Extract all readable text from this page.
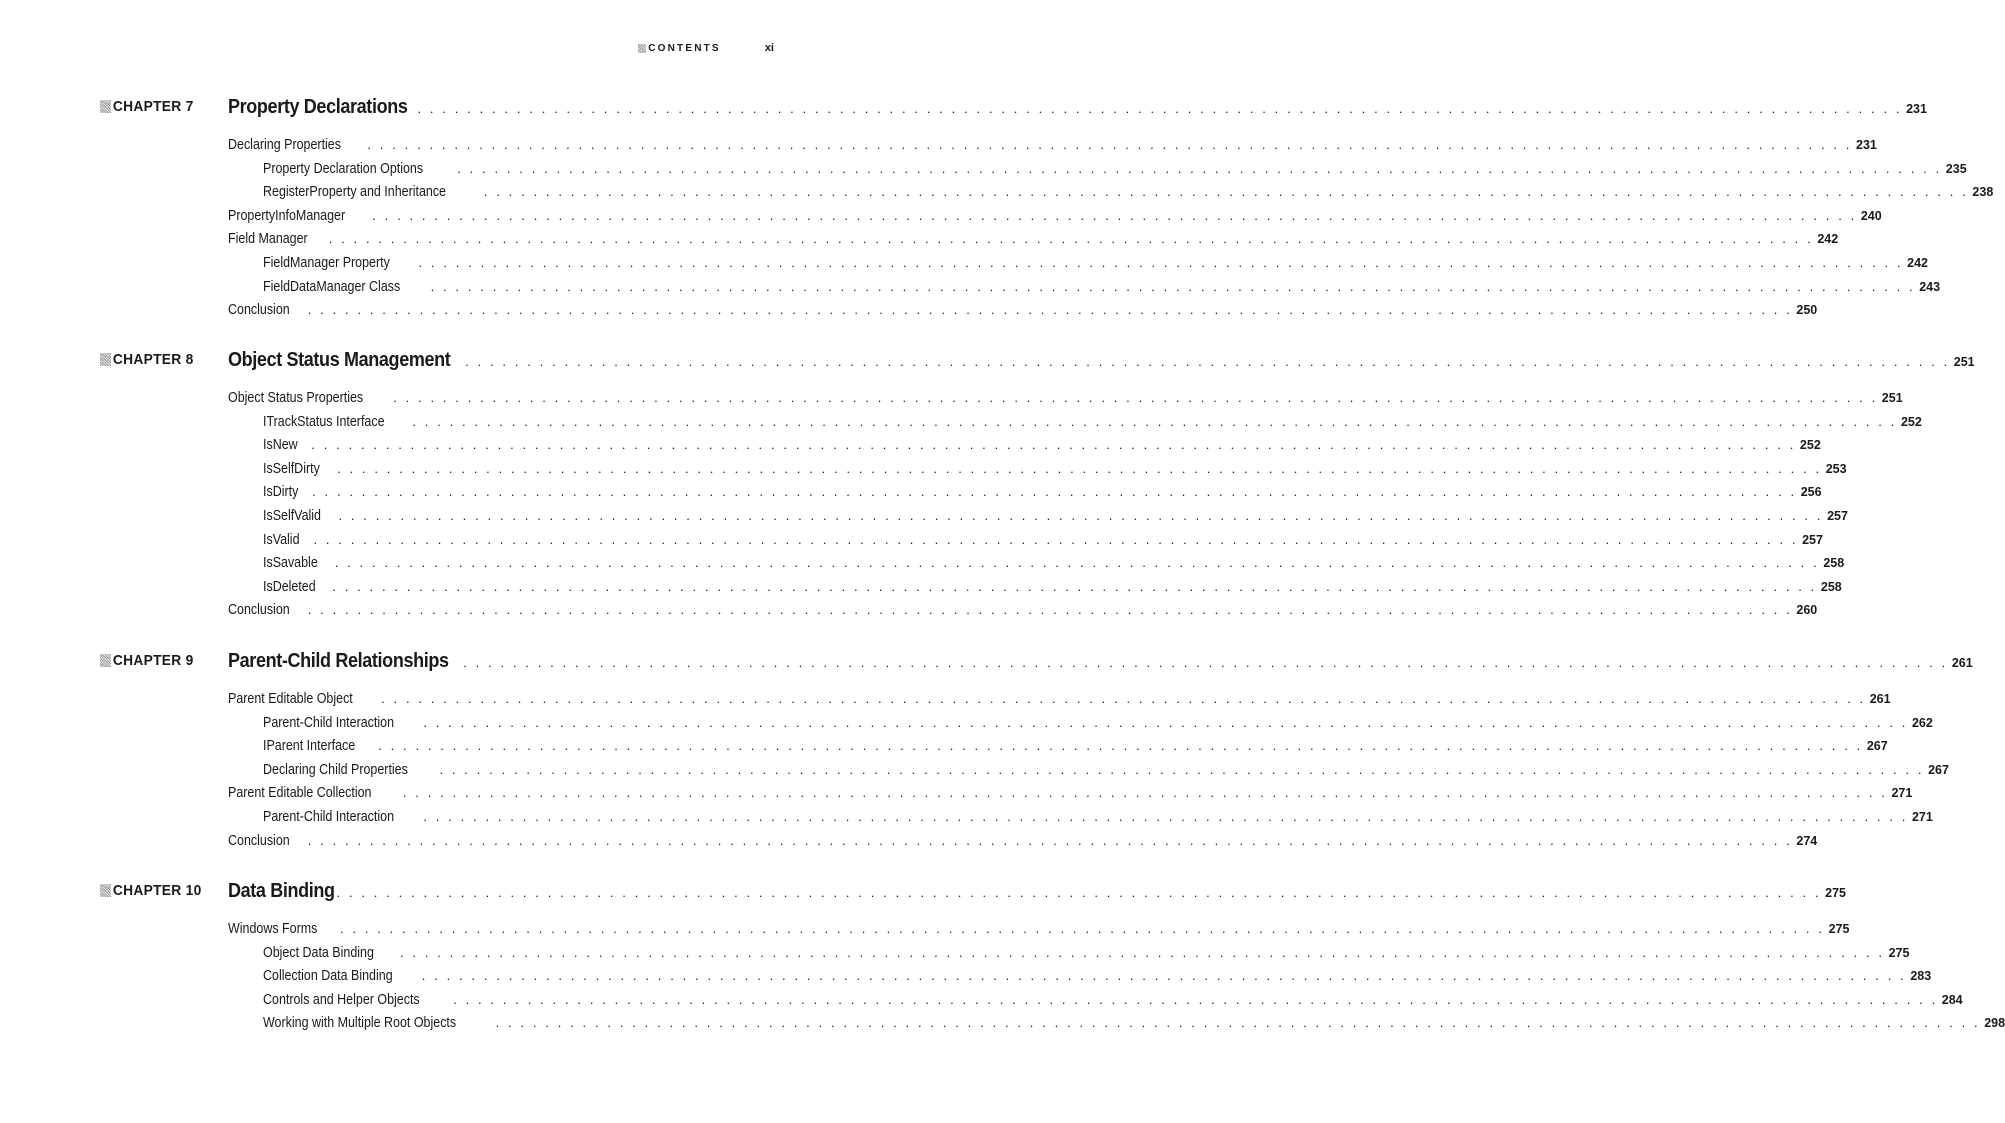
CONTENTS	xi
CHAPTER 7 Property Declarations . . . . . . . . . . . . . . . . . . . . . . . . . . . . . . . . . . . . . . . . . . . . . . . . . . . . . . . . . . . . . . . . . . . . . . . . . . . . . . . . . . . . . . . . . . . . . . . . . . . . . . . . . . . . . . . . . . . . . . . . 231
Declaring Properties . . . . . . . . . . . . . . . . . . . . . . . . . . . . . . . . . . . . . . . . . . . . . . . . . . . . . . . . . . . . . . . . . . . . . . . . . . . . . . . . . . . . . . . . . . . . . . . . . . . . . . . . . . . . . . . . . . . . . . . . 231
Property Declaration Options	. . . . . . . . . . . . . . . . . . . . . . . . . . . . . . . . . . . . . . . . . . . . . . . . . . . . . . . . . . . . . . . . . . . . . . . . . . . . . . . . . . . . . . . . . . . . . . . . . . . . . . . . . . . . . . . . . . . . . . . . 235
RegisterProperty and Inheritance	. . . . . . . . . . . . . . . . . . . . . . . . . . . . . . . . . . . . . . . . . . . . . . . . . . . . . . . . . . . . . . . . . . . . . . . . . . . . . . . . . . . . . . . . . . . . . . . . . . . . . . . . . . . . . . . . . . . . . . . . 238
PropertyInfoManager . . . . . . . . . . . . . . . . . . . . . . . . . . . . . . . . . . . . . . . . . . . . . . . . . . . . . . . . . . . . . . . . . . . . . . . . . . . . . . . . . . . . . . . . . . . . . . . . . . . . . . . . . . . . . . . . . . . . . . . . 240
Field Manager . . . . . . . . . . . . . . . . . . . . . . . . . . . . . . . . . . . . . . . . . . . . . . . . . . . . . . . . . . . . . . . . . . . . . . . . . . . . . . . . . . . . . . . . . . . . . . . . . . . . . . . . . . . . . . . . . . . . . . . . 242
FieldManager Property . . . . . . . . . . . . . . . . . . . . . . . . . . . . . . . . . . . . . . . . . . . . . . . . . . . . . . . . . . . . . . . . . . . . . . . . . . . . . . . . . . . . . . . . . . . . . . . . . . . . . . . . . . . . . . . . . . . . . . . . 242
FieldDataManager Class . . . . . . . . . . . . . . . . . . . . . . . . . . . . . . . . . . . . . . . . . . . . . . . . . . . . . . . . . . . . . . . . . . . . . . . . . . . . . . . . . . . . . . . . . . . . . . . . . . . . . . . . . . . . . . . . . . . . . . . . 243
Conclusion . . . . . . . . . . . . . . . . . . . . . . . . . . . . . . . . . . . . . . . . . . . . . . . . . . . . . . . . . . . . . . . . . . . . . . . . . . . . . . . . . . . . . . . . . . . . . . . . . . . . . . . . . . . . . . . . . . . . . . . . 250
CHAPTER 8 Object Status Management . . . . . . . . . . . . . . . . . . . . . . . . . . . . . . . . . . . . . . . . . . . . . . . . . . . . . . . . . . . . . . . . . . . . . . . . . . . . . . . . . . . . . . . . . . . . . . . . . . . . . . . . . . . . . . . . . . . . . . . . 251
Object Status Properties . . . . . . . . . . . . . . . . . . . . . . . . . . . . . . . . . . . . . . . . . . . . . . . . . . . . . . . . . . . . . . . . . . . . . . . . . . . . . . . . . . . . . . . . . . . . . . . . . . . . . . . . . . . . . . . . . . . . . . . . 251
ITrackStatus Interface . . . . . . . . . . . . . . . . . . . . . . . . . . . . . . . . . . . . . . . . . . . . . . . . . . . . . . . . . . . . . . . . . . . . . . . . . . . . . . . . . . . . . . . . . . . . . . . . . . . . . . . . . . . . . . . . . . . . . . . . 252
IsNew . . . . . . . . . . . . . . . . . . . . . . . . . . . . . . . . . . . . . . . . . . . . . . . . . . . . . . . . . . . . . . . . . . . . . . . . . . . . . . . . . . . . . . . . . . . . . . . . . . . . . . . . . . . . . . . . . . . . . . . . 252
IsSelfDirty . . . . . . . . . . . . . . . . . . . . . . . . . . . . . . . . . . . . . . . . . . . . . . . . . . . . . . . . . . . . . . . . . . . . . . . . . . . . . . . . . . . . . . . . . . . . . . . . . . . . . . . . . . . . . . . . . . . . . . . . 253
IsDirty . . . . . . . . . . . . . . . . . . . . . . . . . . . . . . . . . . . . . . . . . . . . . . . . . . . . . . . . . . . . . . . . . . . . . . . . . . . . . . . . . . . . . . . . . . . . . . . . . . . . . . . . . . . . . . . . . . . . . . . . 256
IsSelfValid . . . . . . . . . . . . . . . . . . . . . . . . . . . . . . . . . . . . . . . . . . . . . . . . . . . . . . . . . . . . . . . . . . . . . . . . . . . . . . . . . . . . . . . . . . . . . . . . . . . . . . . . . . . . . . . . . . . . . . . . 257
IsValid . . . . . . . . . . . . . . . . . . . . . . . . . . . . . . . . . . . . . . . . . . . . . . . . . . . . . . . . . . . . . . . . . . . . . . . . . . . . . . . . . . . . . . . . . . . . . . . . . . . . . . . . . . . . . . . . . . . . . . . . 257
IsSavable . . . . . . . . . . . . . . . . . . . . . . . . . . . . . . . . . . . . . . . . . . . . . . . . . . . . . . . . . . . . . . . . . . . . . . . . . . . . . . . . . . . . . . . . . . . . . . . . . . . . . . . . . . . . . . . . . . . . . . . . 258
IsDeleted . . . . . . . . . . . . . . . . . . . . . . . . . . . . . . . . . . . . . . . . . . . . . . . . . . . . . . . . . . . . . . . . . . . . . . . . . . . . . . . . . . . . . . . . . . . . . . . . . . . . . . . . . . . . . . . . . . . . . . . . 258
Conclusion . . . . . . . . . . . . . . . . . . . . . . . . . . . . . . . . . . . . . . . . . . . . . . . . . . . . . . . . . . . . . . . . . . . . . . . . . . . . . . . . . . . . . . . . . . . . . . . . . . . . . . . . . . . . . . . . . . . . . . . . 260
CHAPTER 9 Parent-Child Relationships . . . . . . . . . . . . . . . . . . . . . . . . . . . . . . . . . . . . . . . . . . . . . . . . . . . . . . . . . . . . . . . . . . . . . . . . . . . . . . . . . . . . . . . . . . . . . . . . . . . . . . . . . . . . . . . . . . . . . . . . 261
Parent Editable Object . . . . . . . . . . . . . . . . . . . . . . . . . . . . . . . . . . . . . . . . . . . . . . . . . . . . . . . . . . . . . . . . . . . . . . . . . . . . . . . . . . . . . . . . . . . . . . . . . . . . . . . . . . . . . . . . . . . . . . . . 261
Parent-Child Interaction . . . . . . . . . . . . . . . . . . . . . . . . . . . . . . . . . . . . . . . . . . . . . . . . . . . . . . . . . . . . . . . . . . . . . . . . . . . . . . . . . . . . . . . . . . . . . . . . . . . . . . . . . . . . . . . . . . . . . . . . 262
IParent Interface . . . . . . . . . . . . . . . . . . . . . . . . . . . . . . . . . . . . . . . . . . . . . . . . . . . . . . . . . . . . . . . . . . . . . . . . . . . . . . . . . . . . . . . . . . . . . . . . . . . . . . . . . . . . . . . . . . . . . . . . 267
Declaring Child Properties . . . . . . . . . . . . . . . . . . . . . . . . . . . . . . . . . . . . . . . . . . . . . . . . . . . . . . . . . . . . . . . . . . . . . . . . . . . . . . . . . . . . . . . . . . . . . . . . . . . . . . . . . . . . . . . . . . . . . . . . 267
Parent Editable Collection . . . . . . . . . . . . . . . . . . . . . . . . . . . . . . . . . . . . . . . . . . . . . . . . . . . . . . . . . . . . . . . . . . . . . . . . . . . . . . . . . . . . . . . . . . . . . . . . . . . . . . . . . . . . . . . . . . . . . . . . 271
Parent-Child Interaction . . . . . . . . . . . . . . . . . . . . . . . . . . . . . . . . . . . . . . . . . . . . . . . . . . . . . . . . . . . . . . . . . . . . . . . . . . . . . . . . . . . . . . . . . . . . . . . . . . . . . . . . . . . . . . . . . . . . . . . . 271
Conclusion . . . . . . . . . . . . . . . . . . . . . . . . . . . . . . . . . . . . . . . . . . . . . . . . . . . . . . . . . . . . . . . . . . . . . . . . . . . . . . . . . . . . . . . . . . . . . . . . . . . . . . . . . . . . . . . . . . . . . . . . 274
CHAPTER 10 Data Binding . . . . . . . . . . . . . . . . . . . . . . . . . . . . . . . . . . . . . . . . . . . . . . . . . . . . . . . . . . . . . . . . . . . . . . . . . . . . . . . . . . . . . . . . . . . . . . . . . . . . . . . . . . . . . . . . . . . . . . . . 275
Windows Forms . . . . . . . . . . . . . . . . . . . . . . . . . . . . . . . . . . . . . . . . . . . . . . . . . . . . . . . . . . . . . . . . . . . . . . . . . . . . . . . . . . . . . . . . . . . . . . . . . . . . . . . . . . . . . . . . . . . . . . . . 275
Object Data Binding . . . . . . . . . . . . . . . . . . . . . . . . . . . . . . . . . . . . . . . . . . . . . . . . . . . . . . . . . . . . . . . . . . . . . . . . . . . . . . . . . . . . . . . . . . . . . . . . . . . . . . . . . . . . . . . . . . . . . . . . 275
Collection Data Binding . . . . . . . . . . . . . . . . . . . . . . . . . . . . . . . . . . . . . . . . . . . . . . . . . . . . . . . . . . . . . . . . . . . . . . . . . . . . . . . . . . . . . . . . . . . . . . . . . . . . . . . . . . . . . . . . . . . . . . . . 283
Controls and Helper Objects	. . . . . . . . . . . . . . . . . . . . . . . . . . . . . . . . . . . . . . . . . . . . . . . . . . . . . . . . . . . . . . . . . . . . . . . . . . . . . . . . . . . . . . . . . . . . . . . . . . . . . . . . . . . . . . . . . . . . . . . . 284
Working with Multiple Root Objects	. . . . . . . . . . . . . . . . . . . . . . . . . . . . . . . . . . . . . . . . . . . . . . . . . . . . . . . . . . . . . . . . . . . . . . . . . . . . . . . . . . . . . . . . . . . . . . . . . . . . . . . . . . . . . . . . . . . . . . . . 298
